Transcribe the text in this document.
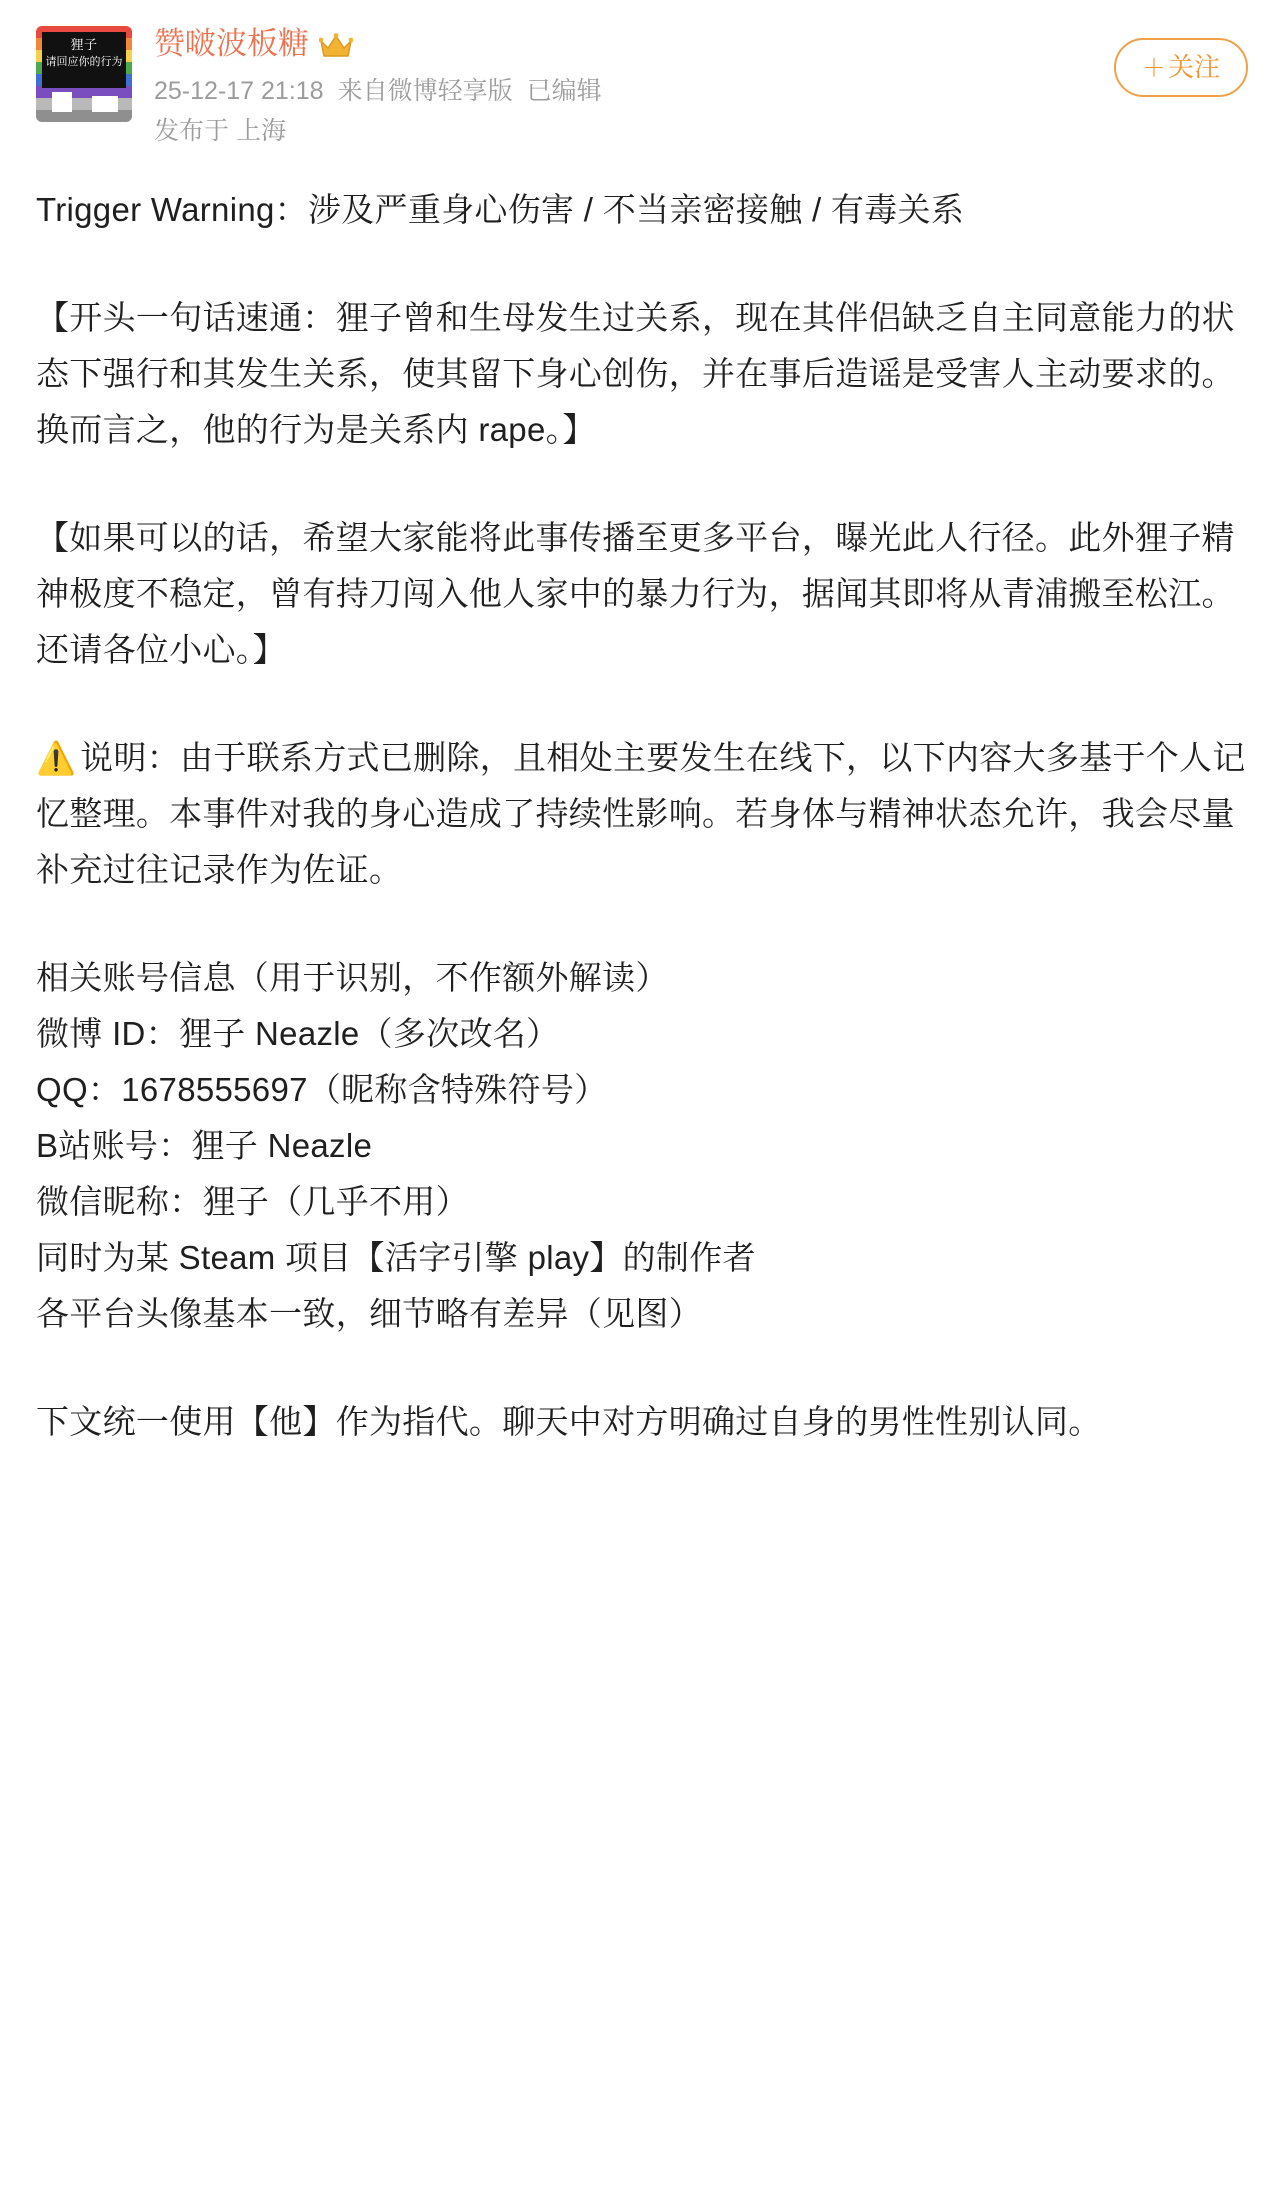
狸子
请回应你的行为
赞啵波板糖
25-12-17 21:18 来自微博轻享版 已编辑
发布于 上海
＋关注

Trigger Warning：涉及严重身心伤害 / 不当亲密接触 / 有毒关系

【开头一句话速通：狸子曾和生母发生过关系，现在其伴侣缺乏自主同意能力的状态下强行和其发生关系，使其留下身心创伤，并在事后造谣是受害人主动要求的。换而言之，他的行为是关系内 rape。】

【如果可以的话，希望大家能将此事传播至更多平台，曝光此人行径。此外狸子精神极度不稳定，曾有持刀闯入他人家中的暴力行为，据闻其即将从青浦搬至松江。还请各位小心。】

⚠️ 说明：由于联系方式已删除，且相处主要发生在线下，以下内容大多基于个人记忆整理。本事件对我的身心造成了持续性影响。若身体与精神状态允许，我会尽量补充过往记录作为佐证。

相关账号信息（用于识别，不作额外解读）
微博 ID：狸子 Neazle（多次改名）
QQ：1678555697（昵称含特殊符号）
B站账号：狸子 Neazle
微信昵称：狸子（几乎不用）
同时为某 Steam 项目【活字引擎 play】的制作者
各平台头像基本一致，细节略有差异（见图）

下文统一使用【他】作为指代。聊天中对方明确过自身的男性性别认同。
